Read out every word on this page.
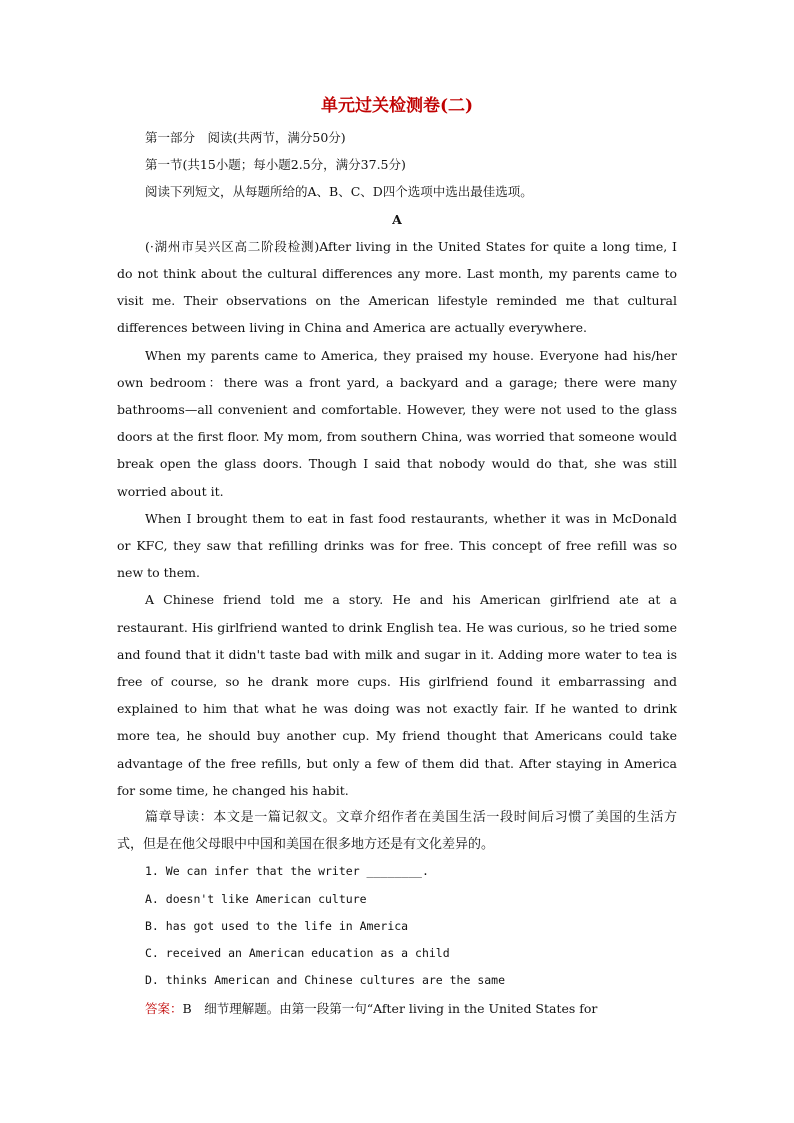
单元过关检测卷(二)

第一部分　阅读(共两节，满分50分)

第一节(共15小题；每小题2.5分，满分37.5分)

阅读下列短文，从每题所给的A、B、C、D四个选项中选出最佳选项。

A

(·湖州市吴兴区高二阶段检测)After living in the United States for quite a long time, I do not think about the cultural differences any more. Last month, my parents came to visit me. Their observations on the American lifestyle reminded me that cultural differences between living in China and America are actually everywhere.

When my parents came to America, they praised my house. Everyone had his/her own bedroom：there was a front yard, a backyard and a garage; there were many bathrooms—all convenient and comfortable. However, they were not used to the glass doors at the first floor. My mom, from southern China, was worried that someone would break open the glass doors. Though I said that nobody would do that, she was still worried about it.

When I brought them to eat in fast food restaurants, whether it was in McDonald or KFC, they saw that refilling drinks was for free. This concept of free refill was so new to them.

A Chinese friend told me a story. He and his American girlfriend ate at a restaurant. His girlfriend wanted to drink English tea. He was curious, so he tried some and found that it didn't taste bad with milk and sugar in it. Adding more water to tea is free of course, so he drank more cups. His girlfriend found it embarrassing and explained to him that what he was doing was not exactly fair. If he wanted to drink more tea, he should buy another cup. My friend thought that Americans could take advantage of the free refills, but only a few of them did that. After staying in America for some time, he changed his habit.

篇章导读：本文是一篇记叙文。文章介绍作者在美国生活一段时间后习惯了美国的生活方式，但是在他父母眼中中国和美国在很多地方还是有文化差异的。

1. We can infer that the writer ________.

A. doesn't like American culture

B. has got used to the life in America

C. received an American education as a child

D. thinks American and Chinese cultures are the same

答案：B　细节理解题。由第一段第一句“After living in the United States for
